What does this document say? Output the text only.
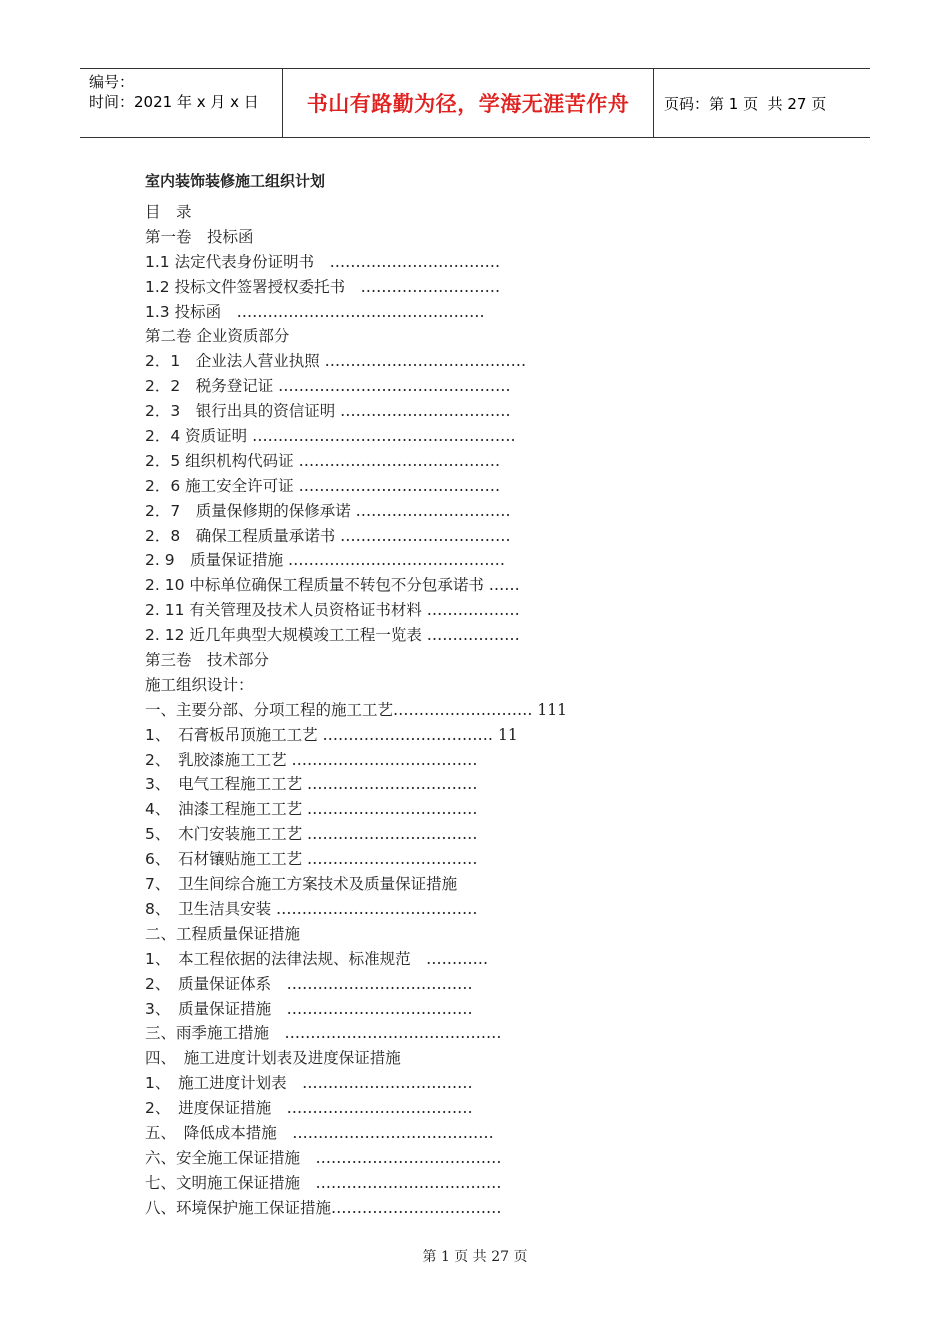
编号：
时间：2021 年 x 月 x 日	书山有路勤为径，学海无涯苦作舟 页码：第 1 页  共 27 页
室内装饰装修施工组织计划
目　录
第一卷　投标函
1.1 法定代表身份证明书　……………………………
1.2 投标文件签署授权委托书　………………………
1.3 投标函　…………………………………………
第二卷 企业资质部分
2．1　企业法人营业执照 …………………………………
2．2　税务登记证 ………………………………………
2．3　银行出具的资信证明 ……………………………
2．4 资质证明 ……………………………………………
2．5 组织机构代码证 …………………………………
2．6 施工安全许可证 …………………………………
2．7　质量保修期的保修承诺 …………………………
2．8　确保工程质量承诺书 ……………………………
2. 9　质量保证措施 ……………………………………
2. 10 中标单位确保工程质量不转包不分包承诺书 ……
2. 11 有关管理及技术人员资格证书材料 ………………
2. 12 近几年典型大规模竣工工程一览表 ………………
第三卷　技术部分
施工组织设计：
一、主要分部、分项工程的施工工艺……………………… 111
1、　石膏板吊顶施工工艺 …………………………… 11
2、　乳胶漆施工工艺 ………………………………
3、　电气工程施工工艺 ……………………………
4、　油漆工程施工工艺 ……………………………
5、　木门安装施工工艺 ……………………………
6、　石材镶贴施工工艺 ……………………………
7、　卫生间综合施工方案技术及质量保证措施
8、　卫生洁具安装 …………………………………
二、工程质量保证措施
1、　本工程依据的法律法规、标准规范　…………
2、　质量保证体系　………………………………
3、　质量保证措施　………………………………
三、雨季施工措施　……………………………………
四、　施工进度计划表及进度保证措施
1、　施工进度计划表　……………………………
2、　进度保证措施　………………………………
五、　降低成本措施　…………………………………
六、安全施工保证措施　………………………………
七、文明施工保证措施　………………………………
八、环境保护施工保证措施……………………………
第 1 页 共 27 页
